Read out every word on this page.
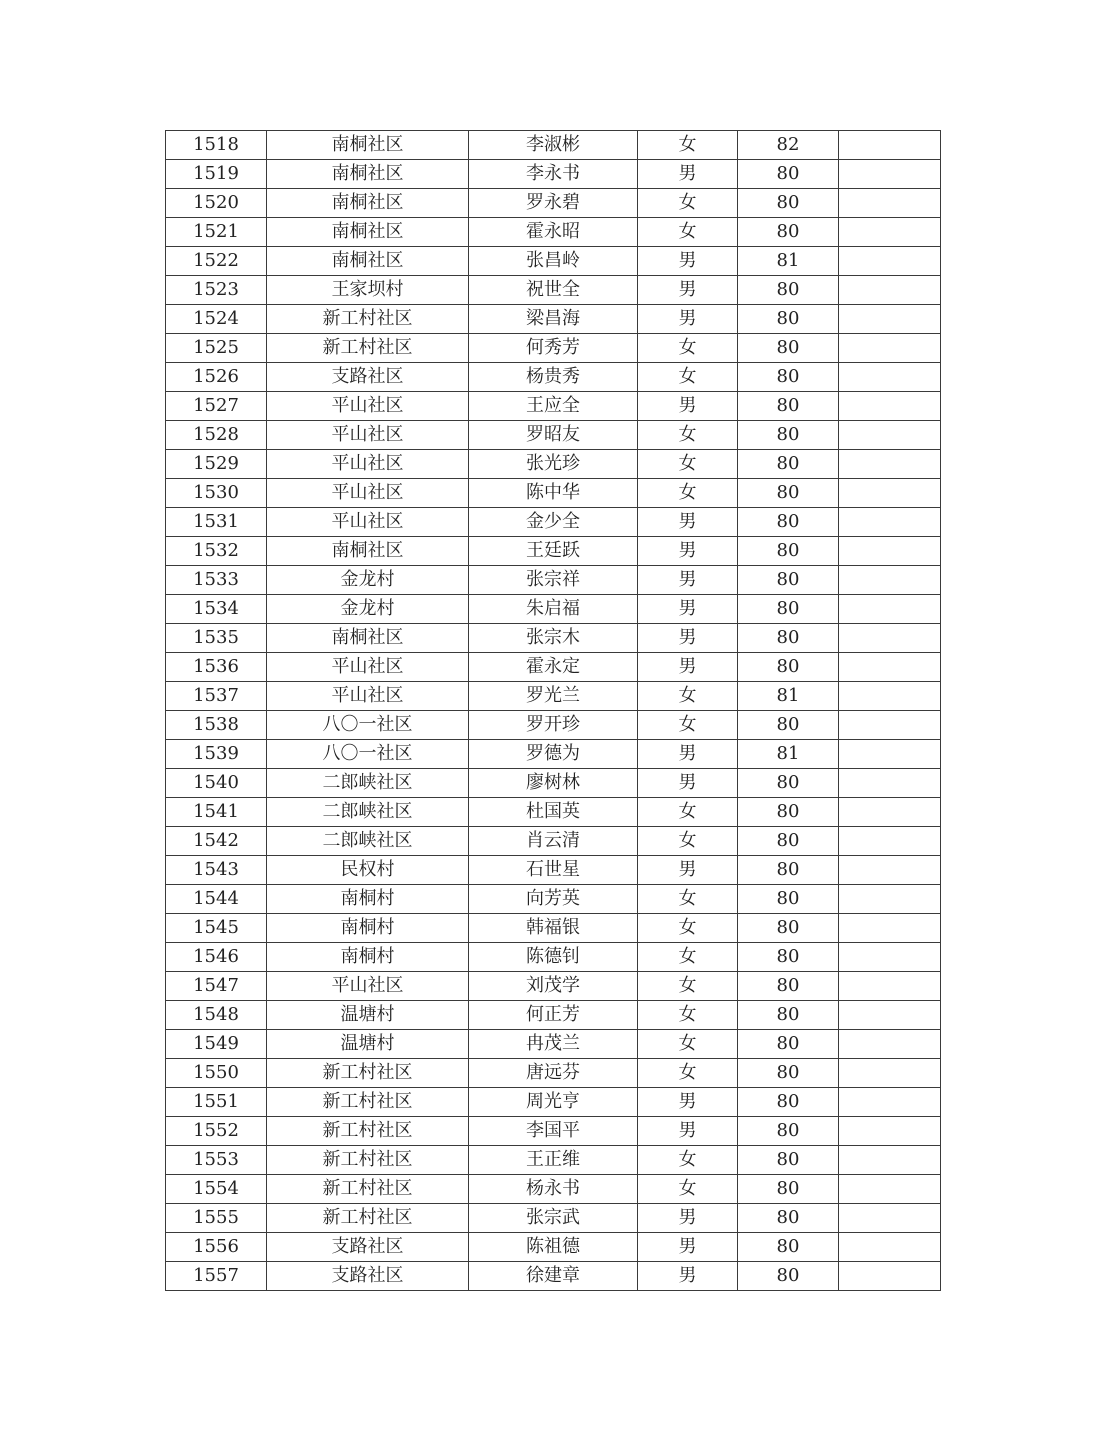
1518	南桐社区	李淑彬	女	82	
1519	南桐社区	李永书	男	80	
1520	南桐社区	罗永碧	女	80	
1521	南桐社区	霍永昭	女	80	
1522	南桐社区	张昌岭	男	81	
1523	王家坝村	祝世全	男	80	
1524	新工村社区	梁昌海	男	80	
1525	新工村社区	何秀芳	女	80	
1526	支路社区	杨贵秀	女	80	
1527	平山社区	王应全	男	80	
1528	平山社区	罗昭友	女	80	
1529	平山社区	张光珍	女	80	
1530	平山社区	陈中华	女	80	
1531	平山社区	金少全	男	80	
1532	南桐社区	王廷跃	男	80	
1533	金龙村	张宗祥	男	80	
1534	金龙村	朱启福	男	80	
1535	南桐社区	张宗木	男	80	
1536	平山社区	霍永定	男	80	
1537	平山社区	罗光兰	女	81	
1538	八〇一社区	罗开珍	女	80	
1539	八〇一社区	罗德为	男	81	
1540	二郎峡社区	廖树林	男	80	
1541	二郎峡社区	杜国英	女	80	
1542	二郎峡社区	肖云清	女	80	
1543	民权村	石世星	男	80	
1544	南桐村	向芳英	女	80	
1545	南桐村	韩福银	女	80	
1546	南桐村	陈德钊	女	80	
1547	平山社区	刘茂学	女	80	
1548	温塘村	何正芳	女	80	
1549	温塘村	冉茂兰	女	80	
1550	新工村社区	唐远芬	女	80	
1551	新工村社区	周光亨	男	80	
1552	新工村社区	李国平	男	80	
1553	新工村社区	王正维	女	80	
1554	新工村社区	杨永书	女	80	
1555	新工村社区	张宗武	男	80	
1556	支路社区	陈祖德	男	80	
1557	支路社区	徐建章	男	80	
